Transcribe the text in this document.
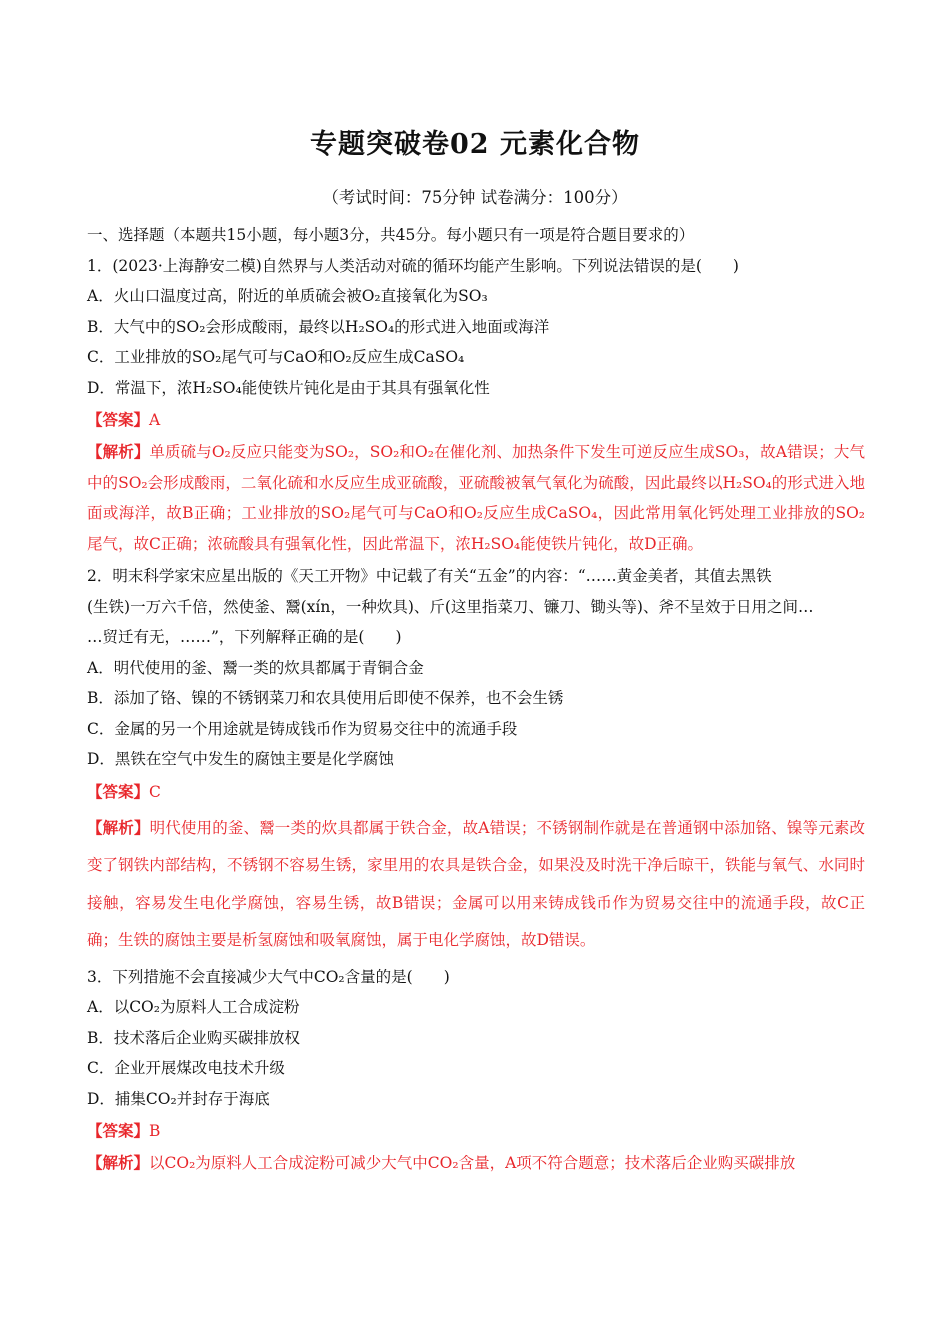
专题突破卷02 元素化合物
（考试时间：75分钟 试卷满分：100分）
一、选择题（本题共15小题，每小题3分，共45分。每小题只有一项是符合题目要求的）
1．(2023·上海静安二模)自然界与人类活动对硫的循环均能产生影响。下列说法错误的是(　　)
A．火山口温度过高，附近的单质硫会被O₂直接氧化为SO₃
B．大气中的SO₂会形成酸雨，最终以H₂SO₄的形式进入地面或海洋
C．工业排放的SO₂尾气可与CaO和O₂反应生成CaSO₄
D．常温下，浓H₂SO₄能使铁片钝化是由于其具有强氧化性
【答案】A
【解析】单质硫与O₂反应只能变为SO₂，SO₂和O₂在催化剂、加热条件下发生可逆反应生成SO₃，故A错误；大气中的SO₂会形成酸雨，二氧化硫和水反应生成亚硫酸，亚硫酸被氧气氧化为硫酸，因此最终以H₂SO₄的形式进入地面或海洋，故B正确；工业排放的SO₂尾气可与CaO和O₂反应生成CaSO₄，因此常用氧化钙处理工业排放的SO₂尾气，故C正确；浓硫酸具有强氧化性，因此常温下，浓H₂SO₄能使铁片钝化，故D正确。
2．明末科学家宋应星出版的《天工开物》中记载了有关“五金”的内容：“……黄金美者，其值去黑铁
(生铁)一万六千倍，然使釜、鬵(xín，一种炊具)、斤(这里指菜刀、镰刀、锄头等)、斧不呈效于日用之间…
…贸迁有无，……”，下列解释正确的是(　　)
A．明代使用的釜、鬵一类的炊具都属于青铜合金
B．添加了铬、镍的不锈钢菜刀和农具使用后即使不保养，也不会生锈
C．金属的另一个用途就是铸成钱币作为贸易交往中的流通手段
D．黑铁在空气中发生的腐蚀主要是化学腐蚀
【答案】C
【解析】明代使用的釜、鬵一类的炊具都属于铁合金，故A错误；不锈钢制作就是在普通钢中添加铬、镍等元素改变了钢铁内部结构，不锈钢不容易生锈，家里用的农具是铁合金，如果没及时洗干净后晾干，铁能与氧气、水同时接触，容易发生电化学腐蚀，容易生锈，故B错误；金属可以用来铸成钱币作为贸易交往中的流通手段，故C正确；生铁的腐蚀主要是析氢腐蚀和吸氧腐蚀，属于电化学腐蚀，故D错误。
3．下列措施不会直接减少大气中CO₂含量的是(　　)
A．以CO₂为原料人工合成淀粉
B．技术落后企业购买碳排放权
C．企业开展煤改电技术升级
D．捕集CO₂并封存于海底
【答案】B
【解析】以CO₂为原料人工合成淀粉可减少大气中CO₂含量，A项不符合题意；技术落后企业购买碳排放
